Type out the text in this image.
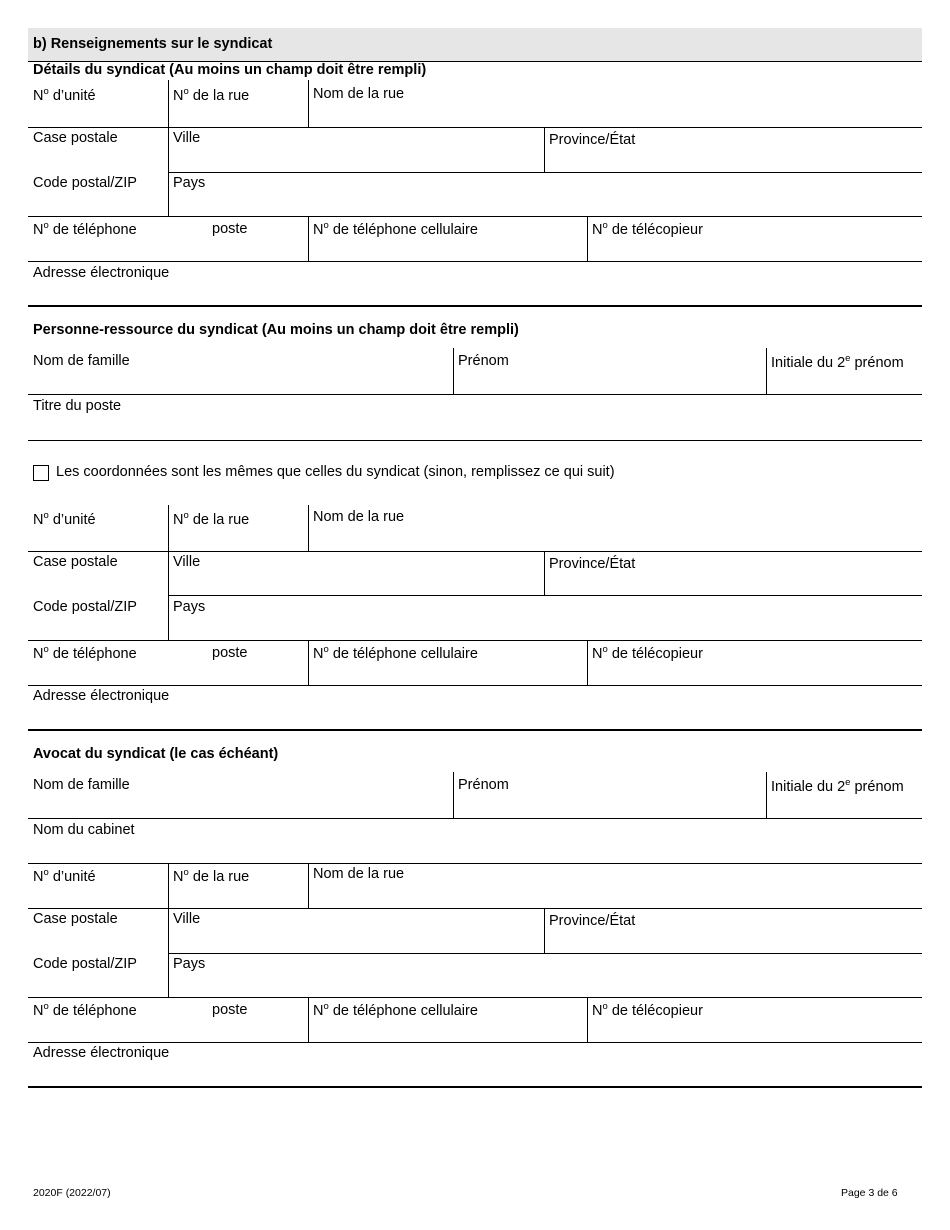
b) Renseignements sur le syndicat
Détails du syndicat (Au moins un champ doit être rempli)
$N^o$ d’unité	$N^o$ de la rue	Nom de la rue
Case postale	Ville	Province/État
Code postal/ZIP Pays
$N^o$ de téléphone	poste	$N^o$ de téléphone cellulaire	$N^o$ de télécopieur
Adresse électronique
Personne-ressource du syndicat (Au moins un champ doit être rempli)
Nom de famille	Prénom	Initiale du 2e prénom
Titre du poste
Les coordonnées sont les mêmes que celles du syndicat (sinon, remplissez ce qui suit)
$N^o$ d’unité	$N^o$ de la rue	Nom de la rue
Case postale	Ville	Province/État
Code postal/ZIP Pays
$N^o$ de téléphone	poste	$N^o$ de téléphone cellulaire	$N^o$ de télécopieur
Adresse électronique
Avocat du syndicat (le cas échéant)
Nom de famille	Prénom	Initiale du 2e prénom
Nom du cabinet
$N^o$ d’unité	$N^o$ de la rue	Nom de la rue
Case postale	Ville	Province/État
Code postal/ZIP Pays
$N^o$ de téléphone	poste	$N^o$ de téléphone cellulaire	$N^o$ de télécopieur
Adresse électronique
2020F (2022/07)	Page 3 de 6
